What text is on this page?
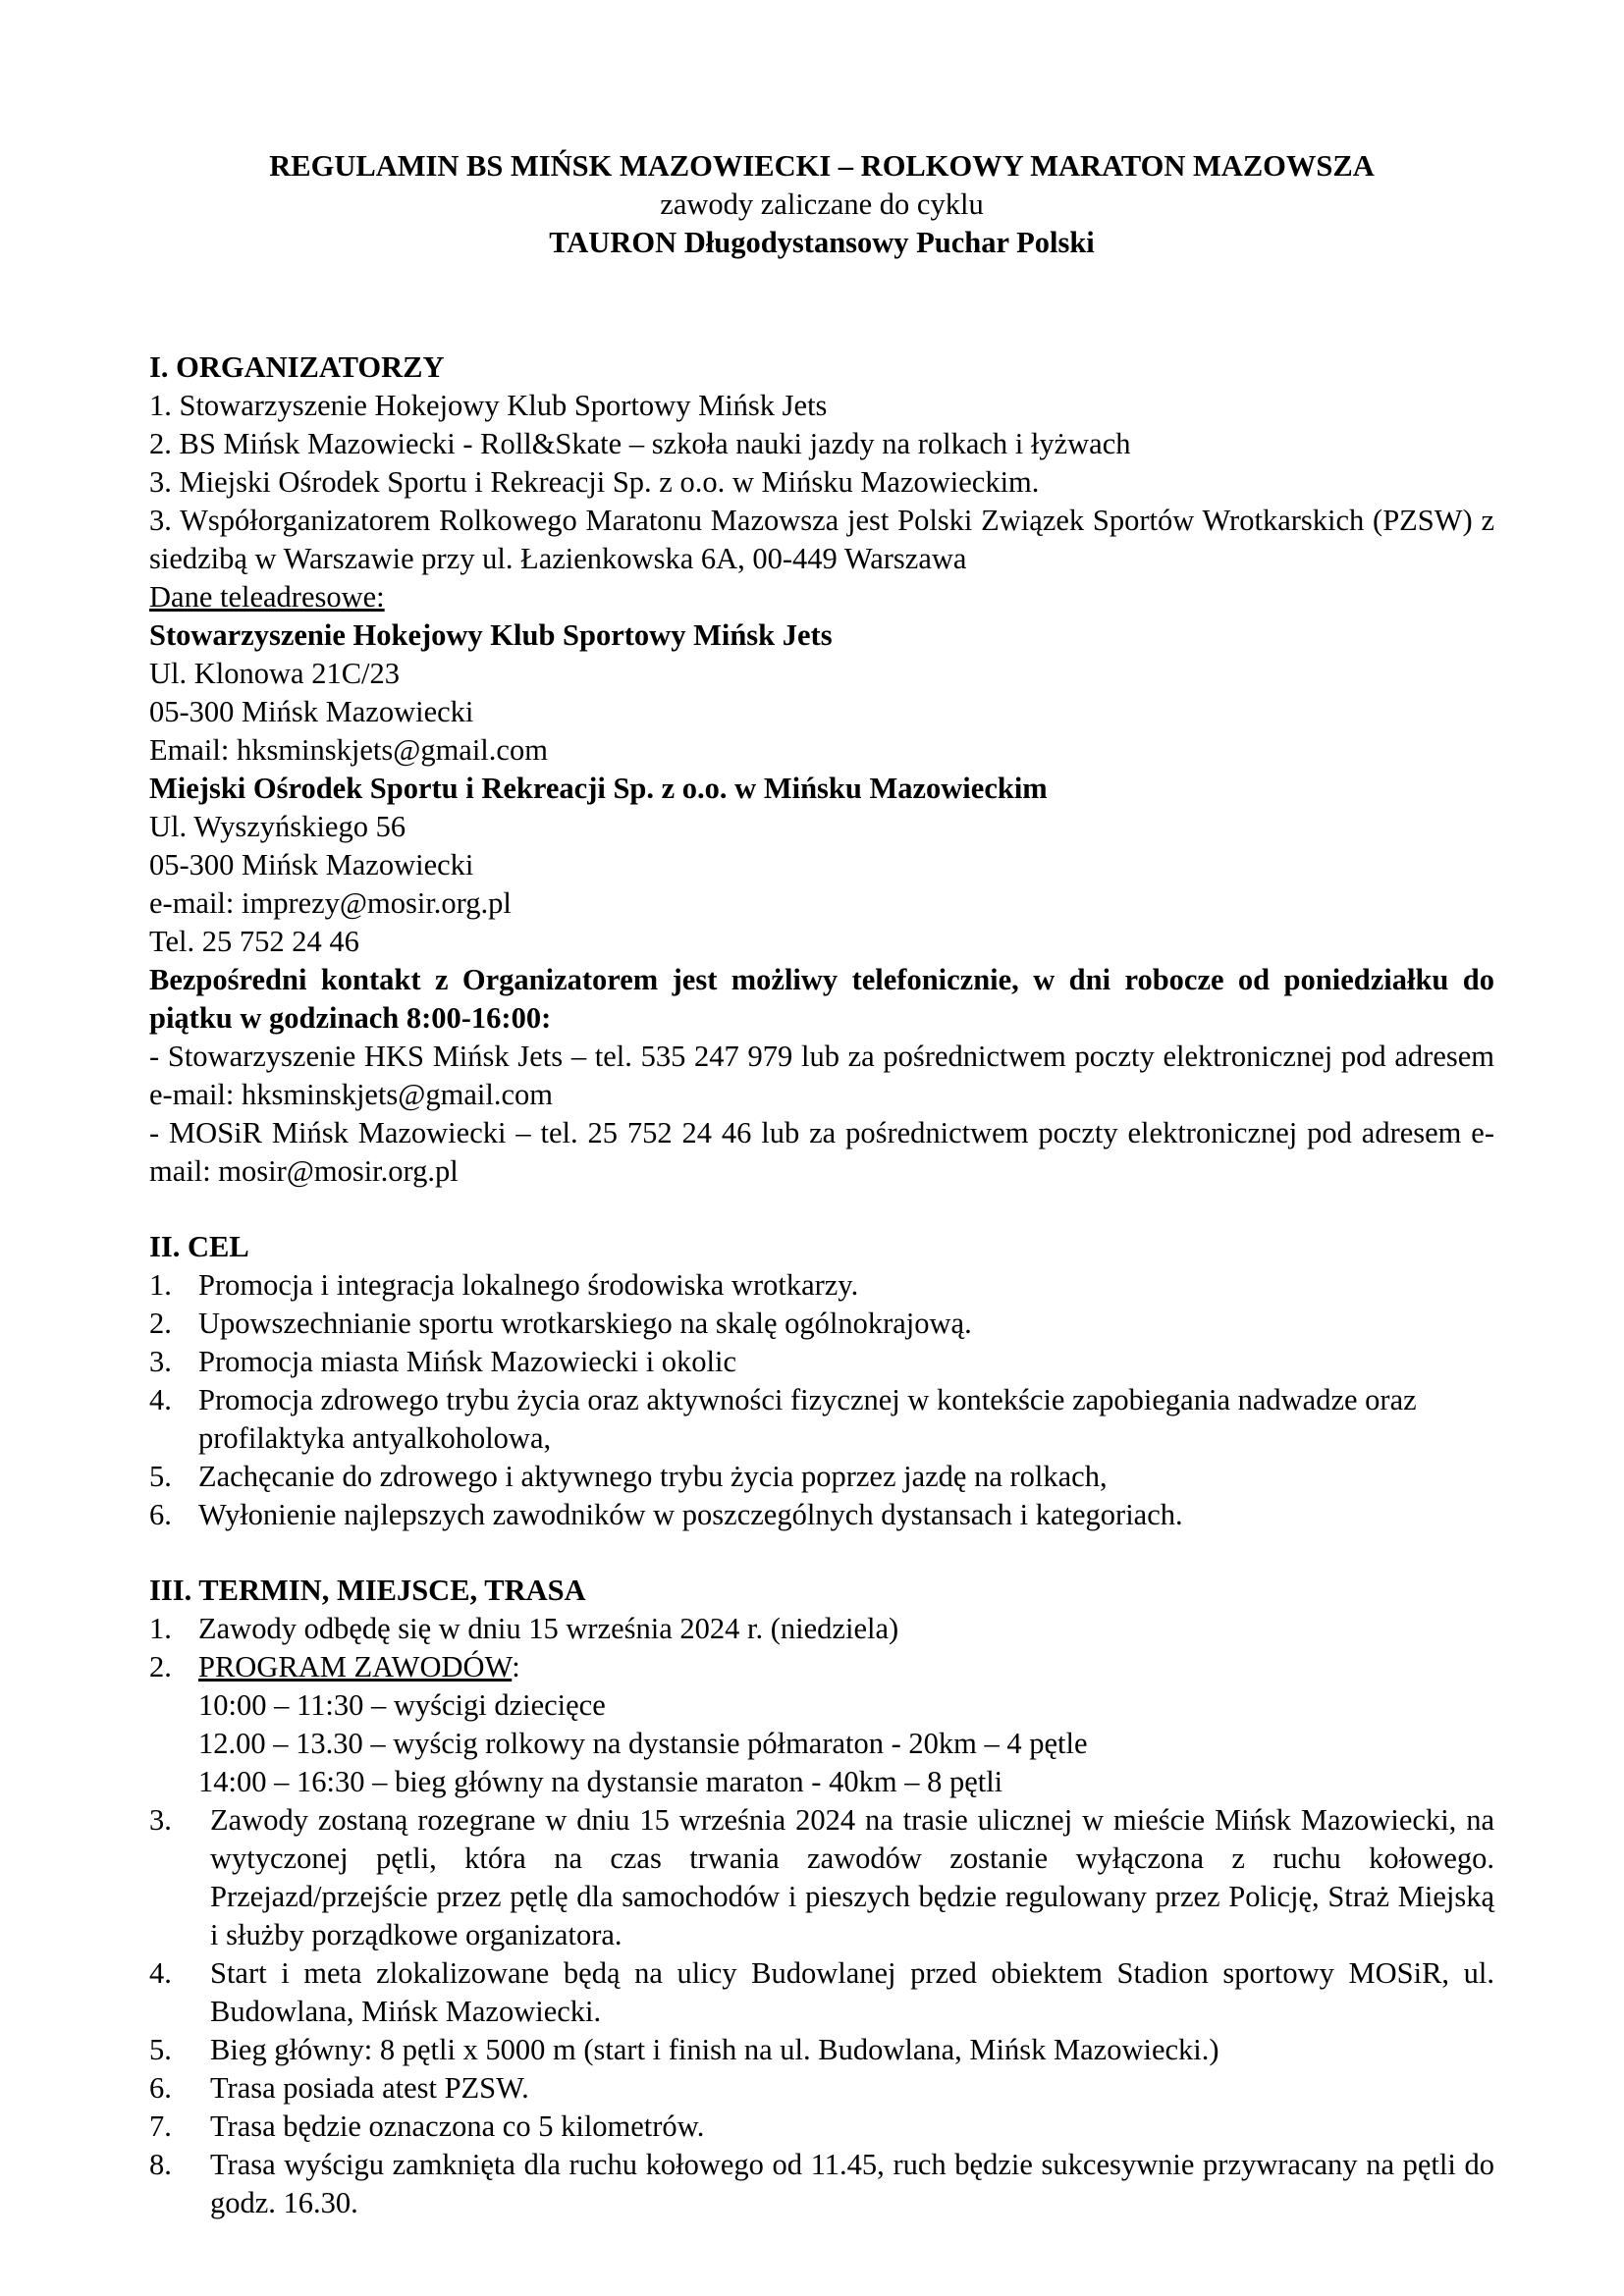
REGULAMIN BS MIŃSK MAZOWIECKI – ROLKOWY MARATON MAZOWSZA

zawody zaliczane do cyklu

TAURON Długodystansowy Puchar Polski

I. ORGANIZATORZY

1. Stowarzyszenie Hokejowy Klub Sportowy Mińsk Jets

2. BS Mińsk Mazowiecki - Roll&Skate – szkoła nauki jazdy na rolkach i łyżwach

3. Miejski Ośrodek Sportu i Rekreacji Sp. z o.o. w Mińsku Mazowieckim.

3. Współorganizatorem Rolkowego Maratonu Mazowsza jest Polski Związek Sportów Wrotkarskich (PZSW) z siedzibą w Warszawie przy ul. Łazienkowska 6A, 00-449 Warszawa

Dane teleadresowe:

Stowarzyszenie Hokejowy Klub Sportowy Mińsk Jets

Ul. Klonowa 21C/23

05-300 Mińsk Mazowiecki

Email: hksminskjets@gmail.com

Miejski Ośrodek Sportu i Rekreacji Sp. z o.o. w Mińsku Mazowieckim

Ul. Wyszyńskiego 56

05-300 Mińsk Mazowiecki

e-mail: imprezy@mosir.org.pl

Tel. 25 752 24 46

Bezpośredni kontakt z Organizatorem jest możliwy telefonicznie, w dni robocze od poniedziałku do piątku w godzinach 8:00-16:00:

- Stowarzyszenie HKS Mińsk Jets – tel. 535 247 979 lub za pośrednictwem poczty elektronicznej pod adresem e-mail: hksminskjets@gmail.com

- MOSiR Mińsk Mazowiecki – tel. 25 752 24 46 lub za pośrednictwem poczty elektronicznej pod adresem e-mail: mosir@mosir.org.pl

II. CEL

1. Promocja i integracja lokalnego środowiska wrotkarzy.
2. Upowszechnianie sportu wrotkarskiego na skalę ogólnokrajową.
3. Promocja miasta Mińsk Mazowiecki i okolic
4. Promocja zdrowego trybu życia oraz aktywności fizycznej w kontekście zapobiegania nadwadze oraz profilaktyka antyalkoholowa,
5. Zachęcanie do zdrowego i aktywnego trybu życia poprzez jazdę na rolkach,
6. Wyłonienie najlepszych zawodników w poszczególnych dystansach i kategoriach.

III. TERMIN, MIEJSCE, TRASA

1. Zawody odbędę się w dniu 15 września 2024 r. (niedziela)
2. PROGRAM ZAWODÓW:
10:00 – 11:30 – wyścigi dziecięce
12.00 – 13.30 – wyścig rolkowy na dystansie półmaraton - 20km – 4 pętle
14:00 – 16:30 – bieg główny na dystansie maraton - 40km – 8 pętli
3. Zawody zostaną rozegrane w dniu 15 września 2024 na trasie ulicznej w mieście Mińsk Mazowiecki, na wytyczonej pętli, która na czas trwania zawodów zostanie wyłączona z ruchu kołowego. Przejazd/przejście przez pętlę dla samochodów i pieszych będzie regulowany przez Policję, Straż Miejską i służby porządkowe organizatora.
4. Start i meta zlokalizowane będą na ulicy Budowlanej przed obiektem Stadion sportowy MOSiR, ul. Budowlana, Mińsk Mazowiecki.
5. Bieg główny: 8 pętli x 5000 m (start i finish na ul. Budowlana, Mińsk Mazowiecki.)
6. Trasa posiada atest PZSW.
7. Trasa będzie oznaczona co 5 kilometrów.
8. Trasa wyścigu zamknięta dla ruchu kołowego od 11.45, ruch będzie sukcesywnie przywracany na pętli do godz. 16.30.
